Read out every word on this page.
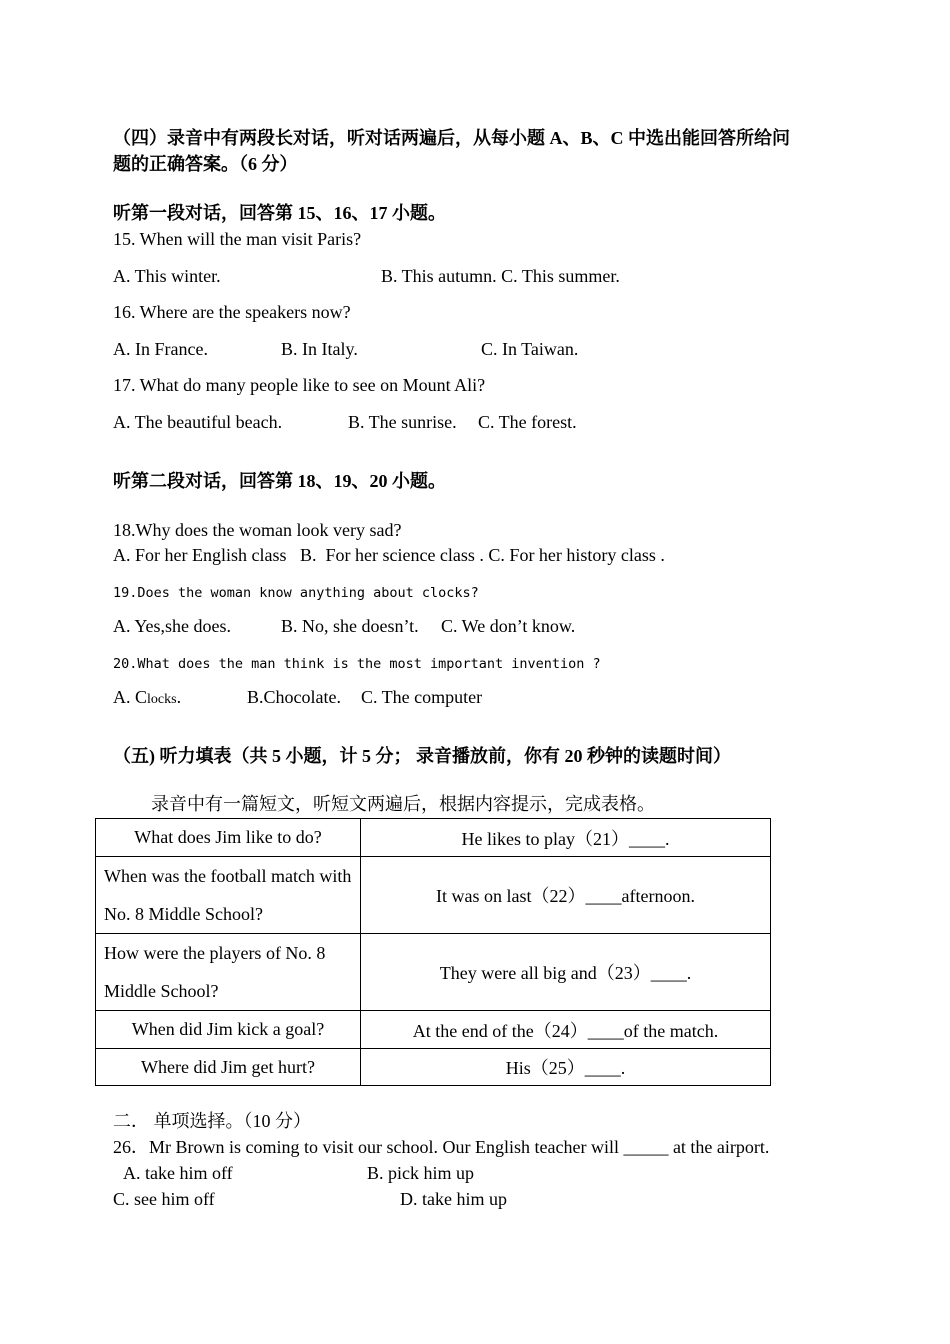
（四）录音中有两段长对话，听对话两遍后，从每小题 A、B、C 中选出能回答所给问
题的正确答案。（6 分）
听第一段对话，回答第 15、16、17 小题。
15. When will the man visit Paris?
A. This winter.	B. This autumn. C. This summer.
16. Where are the speakers now?
A. In France.	B. In Italy.	C. In Taiwan.
17. What do many people like to see on Mount Ali?
A. The beautiful beach.	B. The sunrise. C. The forest.
听第二段对话，回答第 18、19、20 小题。
18.Why does the woman look very sad?
A. For her English class   B.  For her science class . C. For her history class .
19.Does the woman know anything about clocks?
A. Yes,she does.	B. No, she doesn’t. C. We don’t know.
20.What does the man think is the most important invention ?
A. Clocks.	B.Chocolate. C. The computer
（五) 听力填表（共 5 小题，计 5 分； 录音播放前，你有 20 秒钟的读题时间）
录音中有一篇短文，听短文两遍后，根据内容提示，完成表格。
What does Jim like to do?	He likes to play（21）____.
When was the football match with No. 8 Middle School?	It was on last（22）____afternoon.
How were the players of No. 8 Middle School?	They were all big and（23）____.
When did Jim kick a goal?	At the end of the（24）____of the match.
Where did Jim get hurt?	His（25）____.
二． 单项选择。（10 分）
26．Mr Brown is coming to visit our school. Our English teacher will _____ at the airport.
A. take him off	B. pick him up
C. see him off	D. take him up
